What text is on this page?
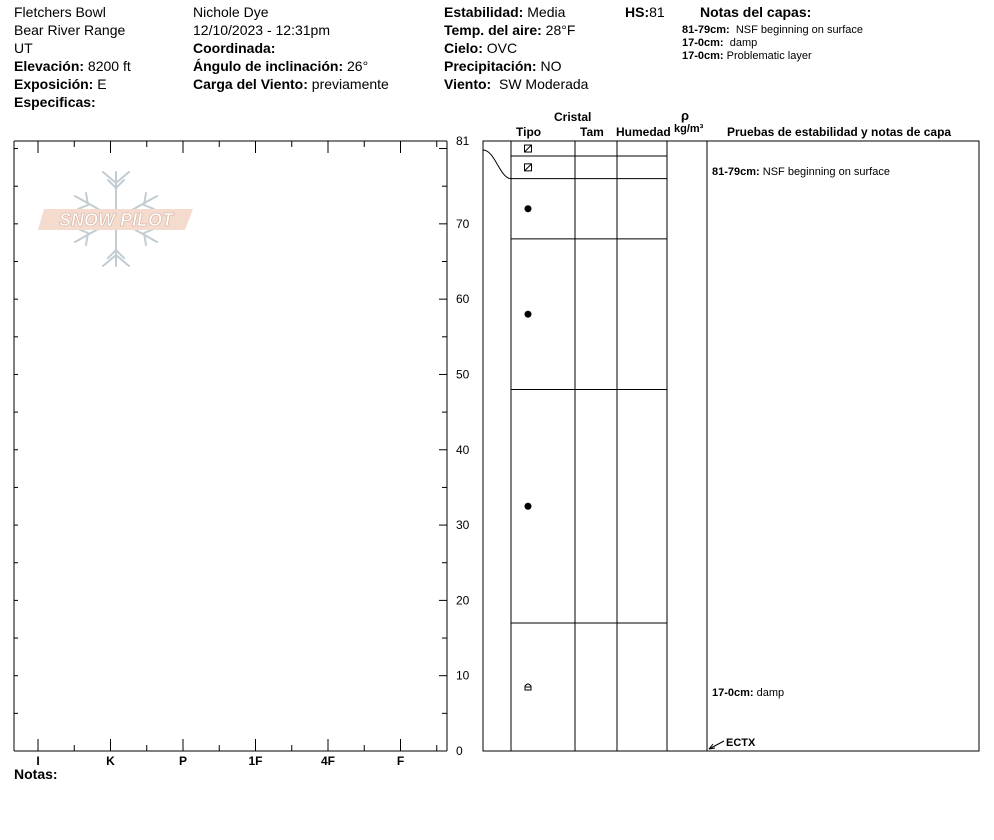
Fletchers Bowl
Bear River Range
UT
Elevación: 8200 ft
Exposición: E
Especificas:
Nichole Dye
12/10/2023 - 12:31pm
Coordinada:
Ángulo de inclinación: 26°
Carga del Viento: previamente
Estabilidad: Media
Temp. del aire: 28°F
Cielo: OVC
Precipitación: NO
Viento: SW Moderada
HS:81	Notas del capas:
81-79cm: NSF beginning on surface
17-0cm: damp
17-0cm: Problematic layer
Cristal
Tipo	Tam Humedad
ρ
kg/m³ Pruebas de estabilidad y notas de capa
81-79cm: NSF beginning on surface
17-0cm: damp
ECTX
Notas:
SNOW PILOT
0
10
20
30
40
50
60
70
81
I	K	P	1F	4F	F
